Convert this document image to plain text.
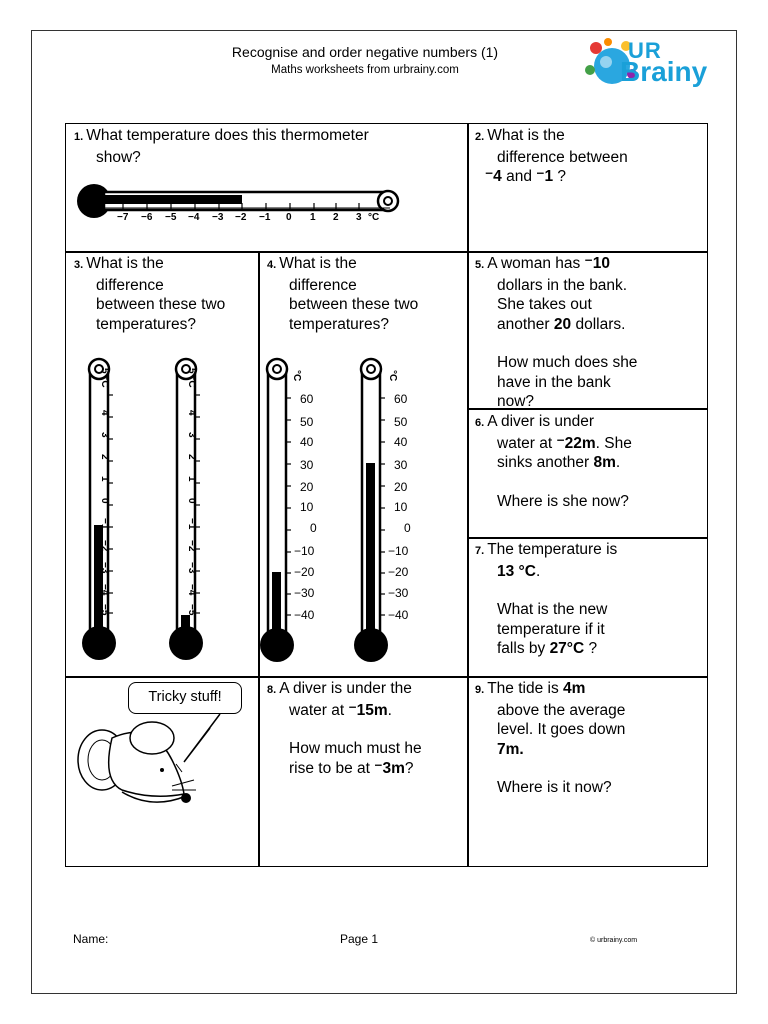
Recognise and order negative numbers (1)
Maths worksheets from urbrainy.com
UR
Brainy
1. What temperature does this thermometer
show?
−7 −6 −5 −4 −3 −2 −1 0 1 2 3 °C
2. What is the
difference between
⁻4 and ⁻1 ?
3. What is the
difference
between these two
temperatures?
5 °C
4
3
2
1
0
−1
−2
−3
−4
−5
5 °C
4
3
2
1
0
−1
−2
−3
−4
−5
4. What is the
difference
between these two
temperatures?
°C
60
50
40
30
20
10
0
−10
−20
−30
−40
°C
60
50
40
30
20
10
0
−10
−20
−30
−40
5. A woman has ⁻10
dollars in the bank.
She takes out
another 20 dollars.
How much does she
have in the bank
now?
6. A diver is under
water at ⁻22m. She
sinks another 8m.
Where is she now?
7. The temperature is
13 °C.
What is the new
temperature if it
falls by 27°C ?
Tricky stuff!	8. A diver is under the
water at ⁻15m.
How much must he
rise to be at ⁻3m?
9. The tide is 4m
above the average
level. It goes down
7m.
Where is it now?
Name:	Page 1	© urbrainy.com
